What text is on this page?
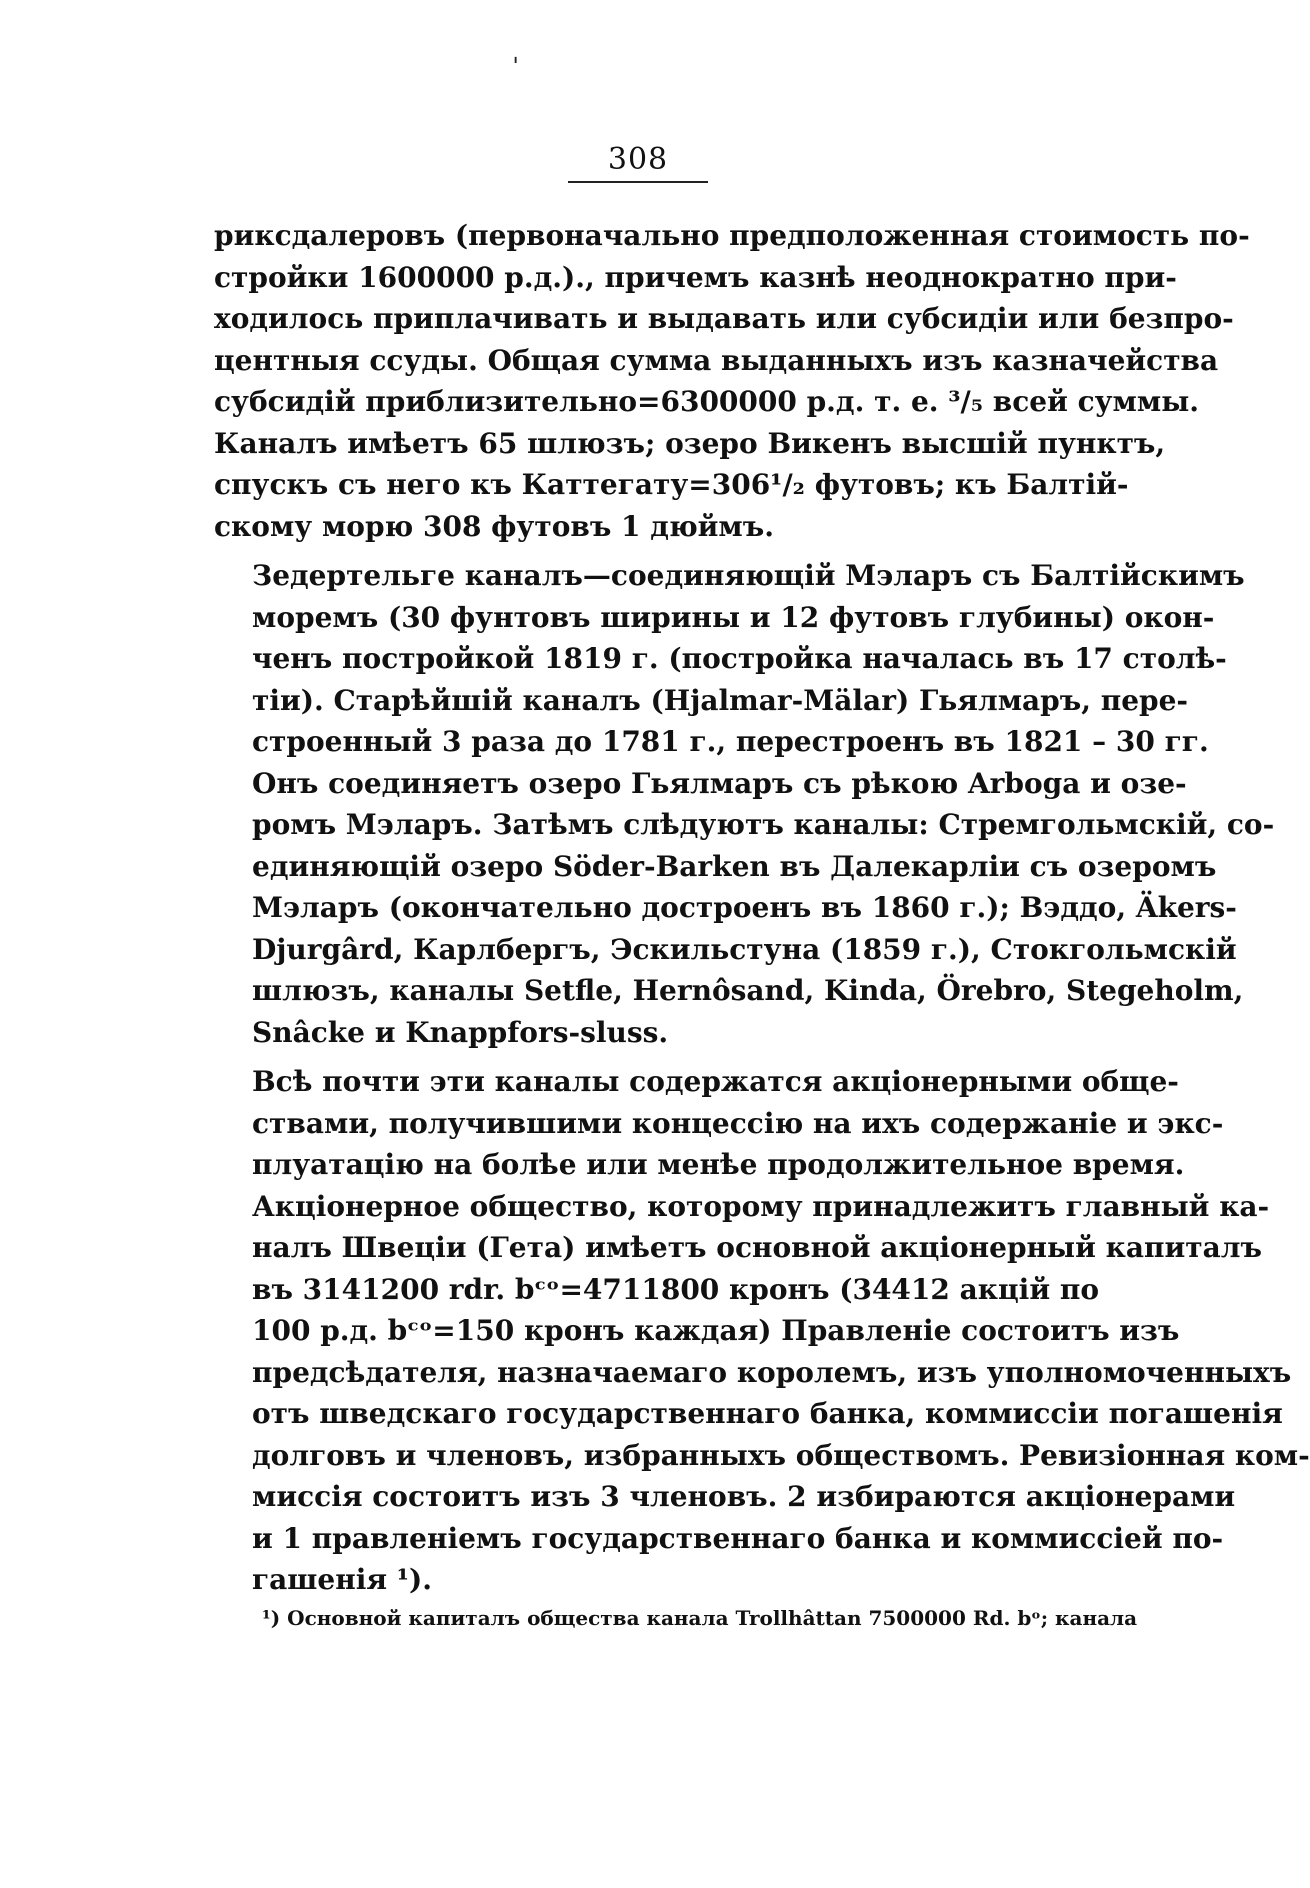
ˈ
308
риксдалеровъ (первоначально предположенная стоимость по-
стройки 1600000 р.д.)., причемъ казнѣ неоднократно при-
ходилось приплачивать и выдавать или субсидіи или безпро-
центныя ссуды. Общая сумма выданныхъ изъ казначейства
субсидій приблизительно=6300000 р.д. т. е. ³/₅ всей суммы.
Каналъ имѣетъ 65 шлюзъ; озеро Викенъ высшій пунктъ,
спускъ съ него къ Каттегату=306¹/₂ футовъ; къ Балтій-
скому морю 308 футовъ 1 дюймъ.
Зедертельге каналъ—соединяющій Мэларъ съ Балтійскимъ
моремъ (30 фунтовъ ширины и 12 футовъ глубины) окон-
ченъ постройкой 1819 г. (постройка началась въ 17 столѣ-
тіи). Старѣйшій каналъ (Hjalmar-Mälar) Гьялмаръ, пере-
строенный 3 раза до 1781 г., перестроенъ въ 1821 – 30 гг.
Онъ соединяетъ озеро Гьялмаръ съ рѣкою Arboga и озе-
ромъ Мэларъ. Затѣмъ слѣдуютъ каналы: Стремгольмскій, со-
единяющій озеро Söder-Barken въ Далекарліи съ озеромъ
Мэларъ (окончательно достроенъ въ 1860 г.); Вэддо, Äkers-
Djurgârd, Карлбергъ, Эскильстуна (1859 г.), Стокгольмскій
шлюзъ, каналы Setfle, Hernôsand, Kinda, Örebro, Stegeholm,
Snâcke и Knappfors-sluss.
Всѣ почти эти каналы содержатся акціонерными обще-
ствами, получившими концессію на ихъ содержаніе и экс-
плуатацію на болѣе или менѣе продолжительное время.
Акціонерное общество, которому принадлежитъ главный ка-
налъ Швеціи (Гета) имѣетъ основной акціонерный капиталъ
въ 3141200 rdr. bᶜᵒ=4711800 кронъ (34412 акцій по
100 р.д. bᶜᵒ=150 кронъ каждая) Правленіе состоитъ изъ
предсѣдателя, назначаемаго королемъ, изъ уполномоченныхъ
отъ шведскаго государственнаго банка, коммиссіи погашенія
долговъ и членовъ, избранныхъ обществомъ. Ревизіонная ком-
миссія состоитъ изъ 3 членовъ. 2 избираются акціонерами
и 1 правленіемъ государственнаго банка и коммиссіей по-
гашенія ¹).
¹) Основной капиталъ общества канала Trollhâttan 7500000 Rd. bᵒ; канала
